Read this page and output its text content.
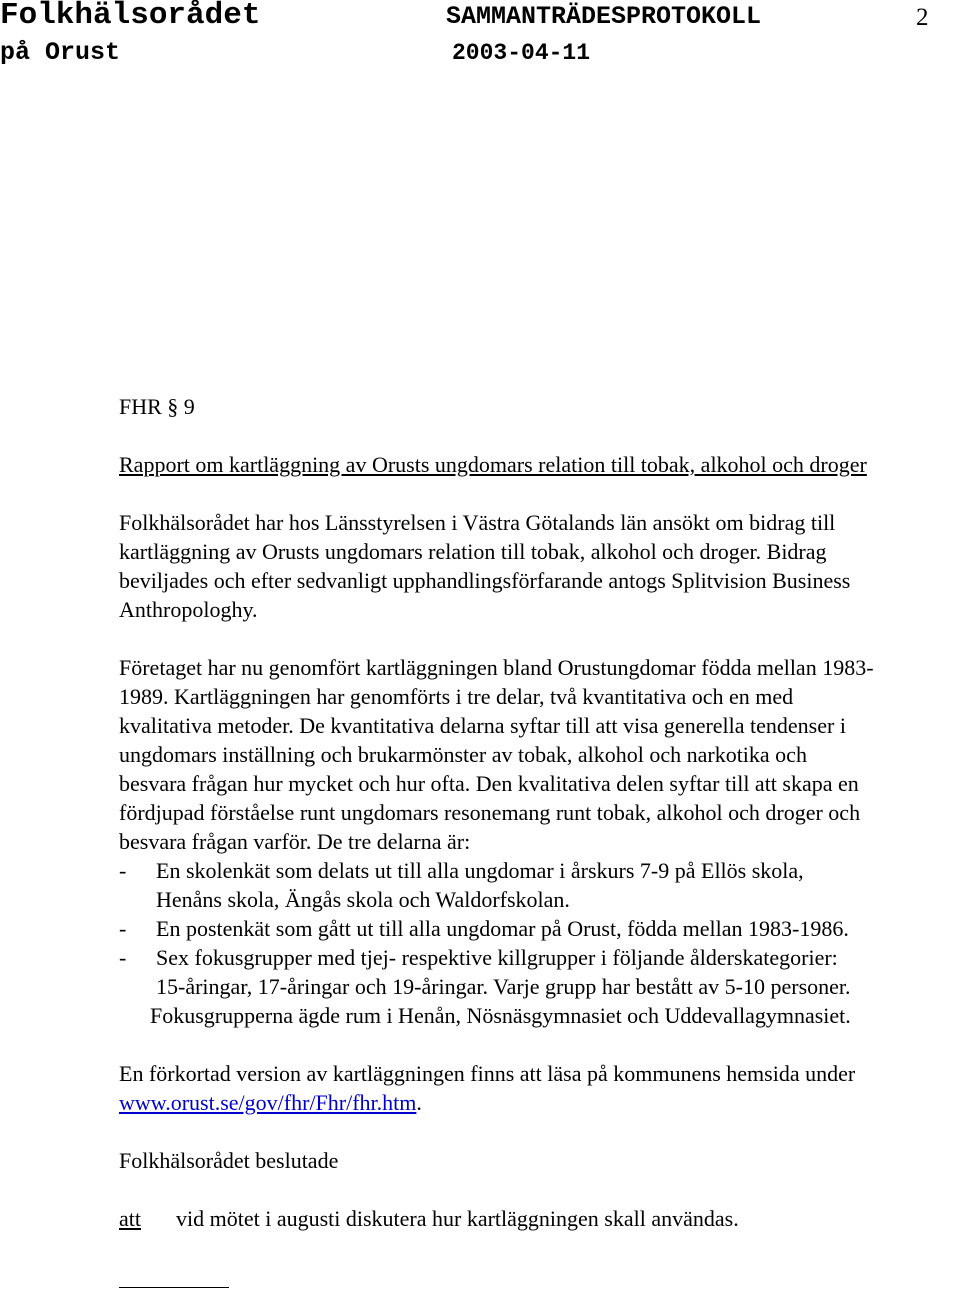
Folkhälsorådet	SAMMANTRÄDESPROTOKOLL	2
på Orust	2003-04-11
FHR § 9
Rapport om kartläggning av Orusts ungdomars relation till tobak, alkohol och droger
Folkhälsorådet har hos Länsstyrelsen i Västra Götalands län ansökt om bidrag till
kartläggning av Orusts ungdomars relation till tobak, alkohol och droger. Bidrag
beviljades och efter sedvanligt upphandlingsförfarande antogs Splitvision Business
Anthropologhy.
Företaget har nu genomfört kartläggningen bland Orustungdomar födda mellan 1983-
1989. Kartläggningen har genomförts i tre delar, två kvantitativa och en med
kvalitativa metoder. De kvantitativa delarna syftar till att visa generella tendenser i
ungdomars inställning och brukarmönster av tobak, alkohol och narkotika och
besvara frågan hur mycket och hur ofta. Den kvalitativa delen syftar till att skapa en
fördjupad förståelse runt ungdomars resonemang runt tobak, alkohol och droger och
besvara frågan varför. De tre delarna är:
- En skolenkät som delats ut till alla ungdomar i årskurs 7-9 på Ellös skola,
Henåns skola, Ängås skola och Waldorfskolan.
- En postenkät som gått ut till alla ungdomar på Orust, födda mellan 1983-1986.
- Sex fokusgrupper med tjej- respektive killgrupper i följande ålderskategorier:
15-åringar, 17-åringar och 19-åringar. Varje grupp har bestått av 5-10 personer.
Fokusgrupperna ägde rum i Henån, Nösnäsgymnasiet och Uddevallagymnasiet.
En förkortad version av kartläggningen finns att läsa på kommunens hemsida under
www.orust.se/gov/fhr/Fhr/fhr.htm.
Folkhälsorådet beslutade
att vid mötet i augusti diskutera hur kartläggningen skall användas.
